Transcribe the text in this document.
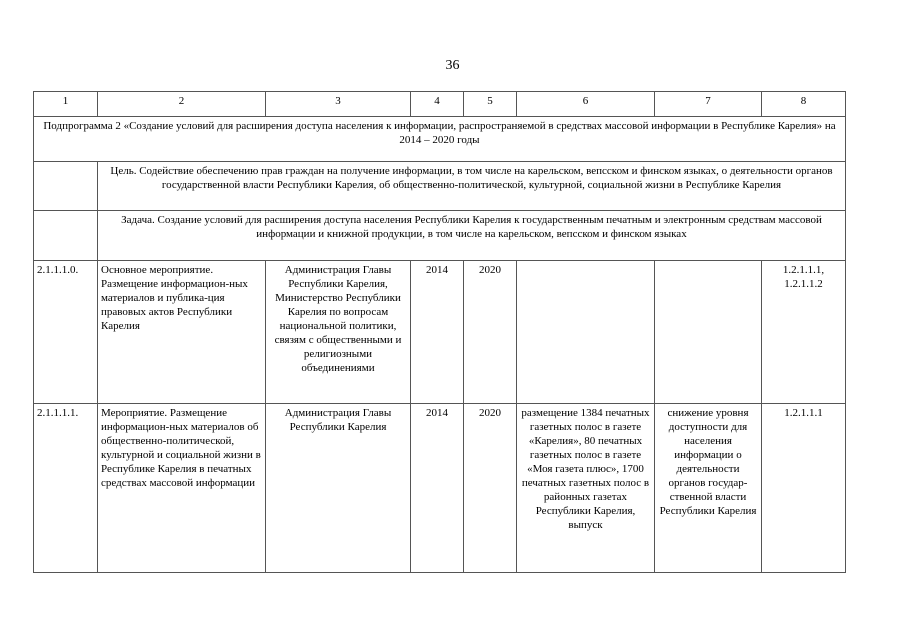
36
1	2	3	4	5	6	7	8
Подпрограмма 2 «Создание условий для расширения доступа населения к информации, распространяемой в средствах массовой информации в Республике Карелия» на 2014 – 2020 годы							
	Цель. Содействие обеспечению прав граждан на получение информации, в том числе на карельском, вепсском и финском языках, о деятельности органов государственной власти Республики Карелия, об общественно-политической, культурной, социальной жизни в Республике Карелия						
	Задача. Создание условий для расширения доступа населения Республики Карелия к государственным печатным и электронным средствам массовой информации и книжной продукции, в том числе на карельском, вепсском и финском языках						
2.1.1.1.0.	Основное мероприятие. Размещение информацион-ных материалов и публика-ция правовых актов Республики Карелия	Администрация Главы Республики Карелия, Министерство Республики Карелия по вопросам национальной политики, связям с общественными и религиозными объединениями	2014	2020			1.2.1.1.1, 1.2.1.1.2
2.1.1.1.1.	Мероприятие. Размещение информацион-ных материалов об общественно-политической, культурной и социальной жизни в Республике Карелия в печатных средствах массовой информации	Администрация Главы Республики Карелия	2014	2020	размещение 1384 печатных газетных полос в газете «Карелия», 80 печатных газетных полос в газете «Моя газета плюс», 1700 печатных газетных полос в районных газетах Республики Карелия, выпуск	снижение уровня доступности для населения информации о деятельности органов государ-ственной власти Республики Карелия	1.2.1.1.1
